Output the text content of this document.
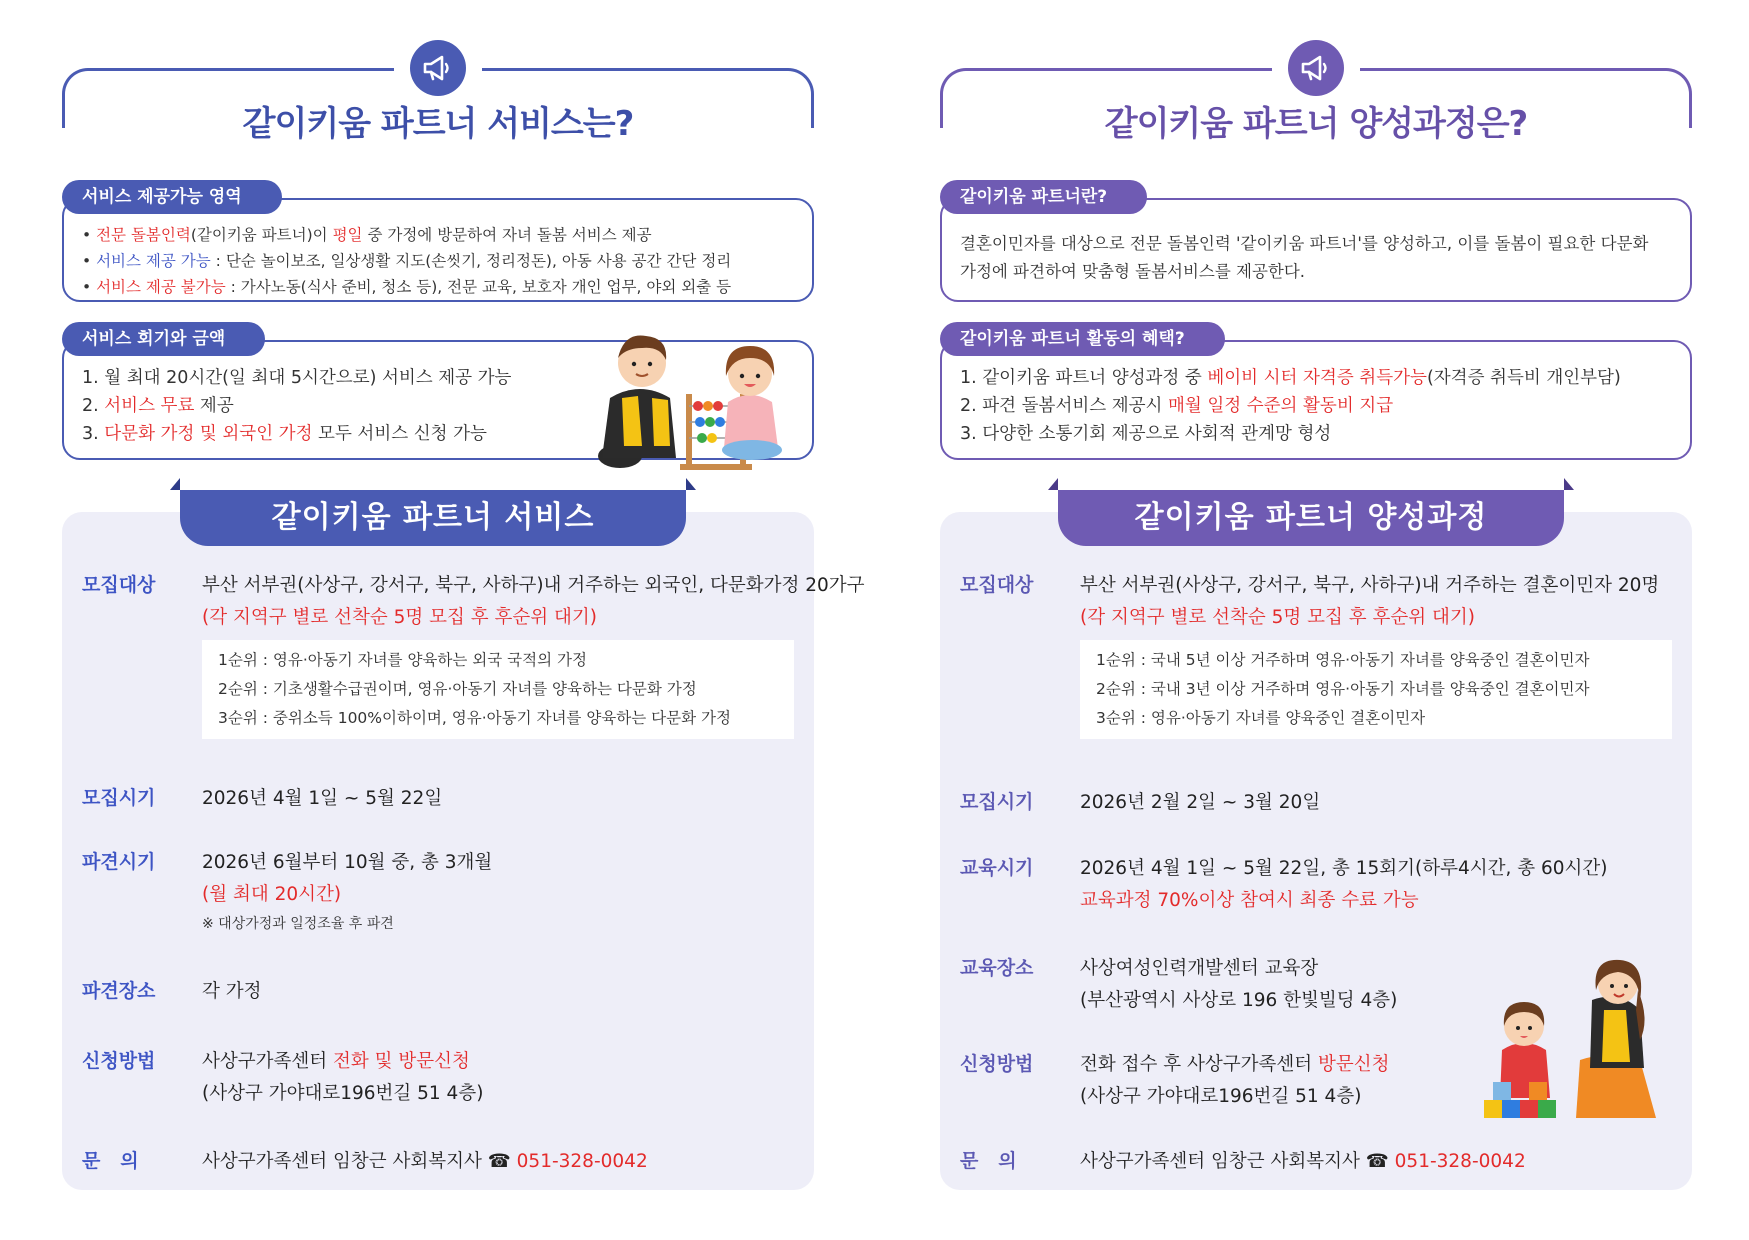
같이키움 파트너 서비스는?
서비스 제공가능 영역
• 전문 돌봄인력(같이키움 파트너)이 평일 중 가정에 방문하여 자녀 돌봄 서비스 제공
• 서비스 제공 가능 : 단순 놀이보조, 일상생활 지도(손씻기, 정리정돈), 아동 사용 공간 간단 정리
• 서비스 제공 불가능 : 가사노동(식사 준비, 청소 등), 전문 교육, 보호자 개인 업무, 야외 외출 등
서비스 회기와 금액
1. 월 최대 20시간(일 최대 5시간으로) 서비스 제공 가능
2. 서비스 무료 제공
3. 다문화 가정 및 외국인 가정 모두 서비스 신청 가능
같이키움 파트너 서비스
모집대상	부산 서부권(사상구, 강서구, 북구, 사하구)내 거주하는 외국인, 다문화가정 20가구
(각 지역구 별로 선착순 5명 모집 후 후순위 대기)
1순위 : 영유·아동기 자녀를 양육하는 외국 국적의 가정
2순위 : 기초생활수급권이며, 영유·아동기 자녀를 양육하는 다문화 가정
3순위 : 중위소득 100%이하이며, 영유·아동기 자녀를 양육하는 다문화 가정
모집시기	2026년 4월 1일 ~ 5월 22일
파견시기	2026년 6월부터 10월 중, 총 3개월
(월 최대 20시간)
※ 대상가정과 일정조율 후 파견
파견장소	각 가정
신청방법	사상구가족센터 전화 및 방문신청
(사상구 가야대로196번길 51 4층)
문   의	사상구가족센터 임창근 사회복지사 ☎ 051-328-0042
같이키움 파트너 양성과정은?
같이키움 파트너란?
결혼이민자를 대상으로 전문 돌봄인력 '같이키움 파트너'를 양성하고, 이를 돌봄이 필요한 다문화
가정에 파견하여 맞춤형 돌봄서비스를 제공한다.
같이키움 파트너 활동의 혜택?
1. 같이키움 파트너 양성과정 중 베이비 시터 자격증 취득가능(자격증 취득비 개인부담)
2. 파견 돌봄서비스 제공시 매월 일정 수준의 활동비 지급
3. 다양한 소통기회 제공으로 사회적 관계망 형성
같이키움 파트너 양성과정
모집대상	부산 서부권(사상구, 강서구, 북구, 사하구)내 거주하는 결혼이민자 20명
(각 지역구 별로 선착순 5명 모집 후 후순위 대기)
1순위 : 국내 5년 이상 거주하며 영유·아동기 자녀를 양육중인 결혼이민자
2순위 : 국내 3년 이상 거주하며 영유·아동기 자녀를 양육중인 결혼이민자
3순위 : 영유·아동기 자녀를 양육중인 결혼이민자
모집시기	2026년 2월 2일 ~ 3월 20일
교육시기	2026년 4월 1일 ~ 5월 22일, 총 15회기(하루4시간, 총 60시간)
교육과정 70%이상 참여시 최종 수료 가능
교육장소	사상여성인력개발센터 교육장
(부산광역시 사상로 196 한빛빌딩 4층)
신청방법	전화 접수 후 사상구가족센터 방문신청
(사상구 가야대로196번길 51 4층)
문   의	사상구가족센터 임창근 사회복지사 ☎ 051-328-0042
